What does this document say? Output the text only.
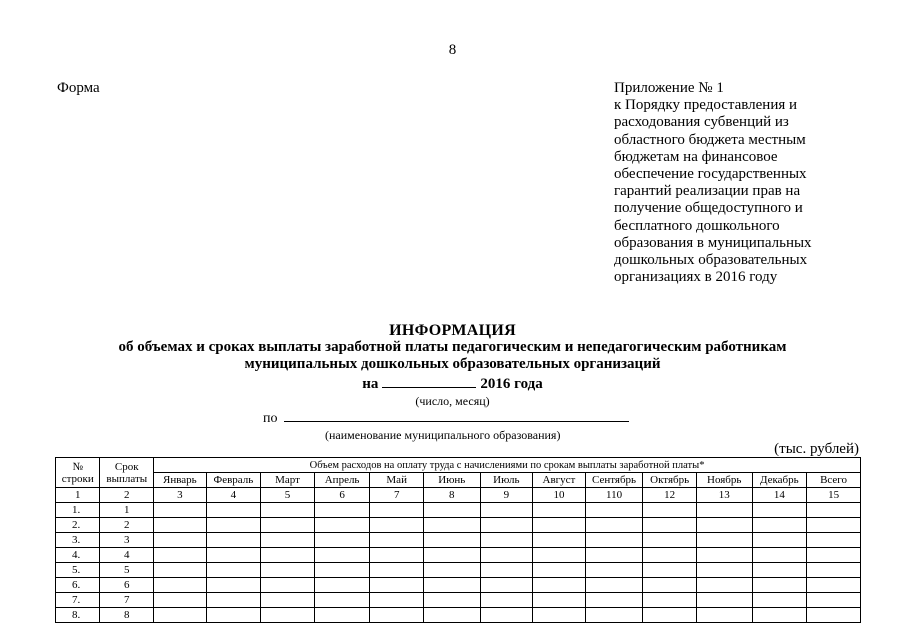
8
Форма	Приложение № 1
к Порядку предоставления и
расходования субвенций из
областного бюджета местным
бюджетам на финансовое
обеспечение государственных
гарантий реализации прав на
получение общедоступного и
бесплатного дошкольного
образования в муниципальных
дошкольных образовательных
организациях в 2016 году
ИНФОРМАЦИЯ
об объемах и сроках выплаты заработной платы педагогическим и непедагогическим работникам
муниципальных дошкольных образовательных организаций
на	2016 года
(число, месяц)
по
(наименование муниципального образования)
(тыс. рублей)
№ строки	Срок выплаты	Объем расходов на оплату труда с начислениями по срокам выплаты заработной платы*												
		Январь	Февраль	Март	Апрель	Май	Июнь	Июль	Август	Сентябрь	Октябрь	Ноябрь	Декабрь	Всего
1	2	3	4	5	6	7	8	9	10	110	12	13	14	15
1.	1													
2.	2													
3.	3													
4.	4													
5.	5													
6.	6													
7.	7													
8.	8													
